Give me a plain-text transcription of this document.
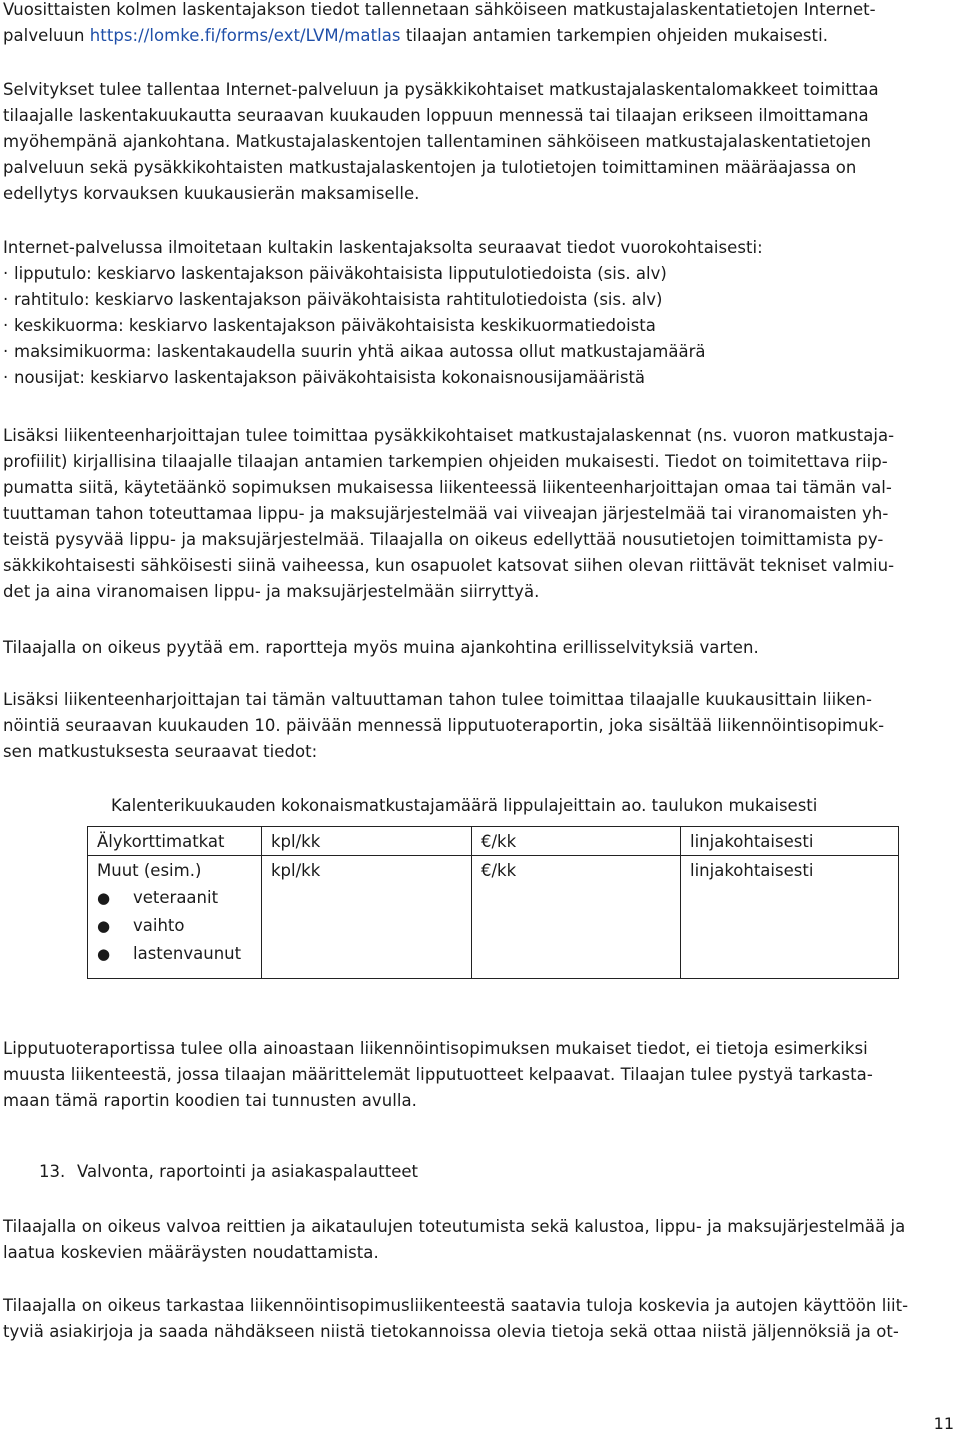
Vuosittaisten kolmen laskentajakson tiedot tallennetaan sähköiseen matkustajalaskentatietojen Internet-
palveluun https://lomke.fi/forms/ext/LVM/matlas tilaajan antamien tarkempien ohjeiden mukaisesti.
Selvitykset tulee tallentaa Internet-palveluun ja pysäkkikohtaiset matkustajalaskentalomakkeet toimittaa
tilaajalle laskentakuukautta seuraavan kuukauden loppuun mennessä tai tilaajan erikseen ilmoittamana
myöhempänä ajankohtana. Matkustajalaskentojen tallentaminen sähköiseen matkustajalaskentatietojen
palveluun sekä pysäkkikohtaisten matkustajalaskentojen ja tulotietojen toimittaminen määräajassa on
edellytys korvauksen kuukausierän maksamiselle.
Internet-palvelussa ilmoitetaan kultakin laskentajaksolta seuraavat tiedot vuorokohtaisesti:
· lipputulo: keskiarvo laskentajakson päiväkohtaisista lipputulotiedoista (sis. alv)
· rahtitulo: keskiarvo laskentajakson päiväkohtaisista rahtitulotiedoista (sis. alv)
· keskikuorma: keskiarvo laskentajakson päiväkohtaisista keskikuormatiedoista
· maksimikuorma: laskentakaudella suurin yhtä aikaa autossa ollut matkustajamäärä
· nousijat: keskiarvo laskentajakson päiväkohtaisista kokonaisnousijamääristä
Lisäksi liikenteenharjoittajan tulee toimittaa pysäkkikohtaiset matkustajalaskennat (ns. vuoron matkustaja-
profiilit) kirjallisina tilaajalle tilaajan antamien tarkempien ohjeiden mukaisesti. Tiedot on toimitettava riip-
pumatta siitä, käytetäänkö sopimuksen mukaisessa liikenteessä liikenteenharjoittajan omaa tai tämän val-
tuuttaman tahon toteuttamaa lippu- ja maksujärjestelmää vai viiveajan järjestelmää tai viranomaisten yh-
teistä pysyvää lippu- ja maksujärjestelmää. Tilaajalla on oikeus edellyttää nousutietojen toimittamista py-
säkkikohtaisesti sähköisesti siinä vaiheessa, kun osapuolet katsovat siihen olevan riittävät tekniset valmiu-
det ja aina viranomaisen lippu- ja maksujärjestelmään siirryttyä.
Tilaajalla on oikeus pyytää em. raportteja myös muina ajankohtina erillisselvityksiä varten.
Lisäksi liikenteenharjoittajan tai tämän valtuuttaman tahon tulee toimittaa tilaajalle kuukausittain liiken-
nöintiä seuraavan kuukauden 10. päivään mennessä lipputuoteraportin, joka sisältää liikennöintisopimuk-
sen matkustuksesta seuraavat tiedot:
Kalenterikuukauden kokonaismatkustajamäärä lippulajeittain ao. taulukon mukaisesti
Älykorttimatkat	kpl/kk	€/kk	linjakohtaisesti

Muut (esim.)
● veteraanit
● vaihto
● lastenvaunut	kpl/kk	€/kk	linjakohtaisesti
Lipputuoteraportissa tulee olla ainoastaan liikennöintisopimuksen mukaiset tiedot, ei tietoja esimerkiksi
muusta liikenteestä, jossa tilaajan määrittelemät lipputuotteet kelpaavat. Tilaajan tulee pystyä tarkasta-
maan tämä raportin koodien tai tunnusten avulla.
13. Valvonta, raportointi ja asiakaspalautteet
Tilaajalla on oikeus valvoa reittien ja aikataulujen toteutumista sekä kalustoa, lippu- ja maksujärjestelmää ja
laatua koskevien määräysten noudattamista.
Tilaajalla on oikeus tarkastaa liikennöintisopimusliikenteestä saatavia tuloja koskevia ja autojen käyttöön liit-
tyviä asiakirjoja ja saada nähdäkseen niistä tietokannoissa olevia tietoja sekä ottaa niistä jäljennöksiä ja ot-
11
